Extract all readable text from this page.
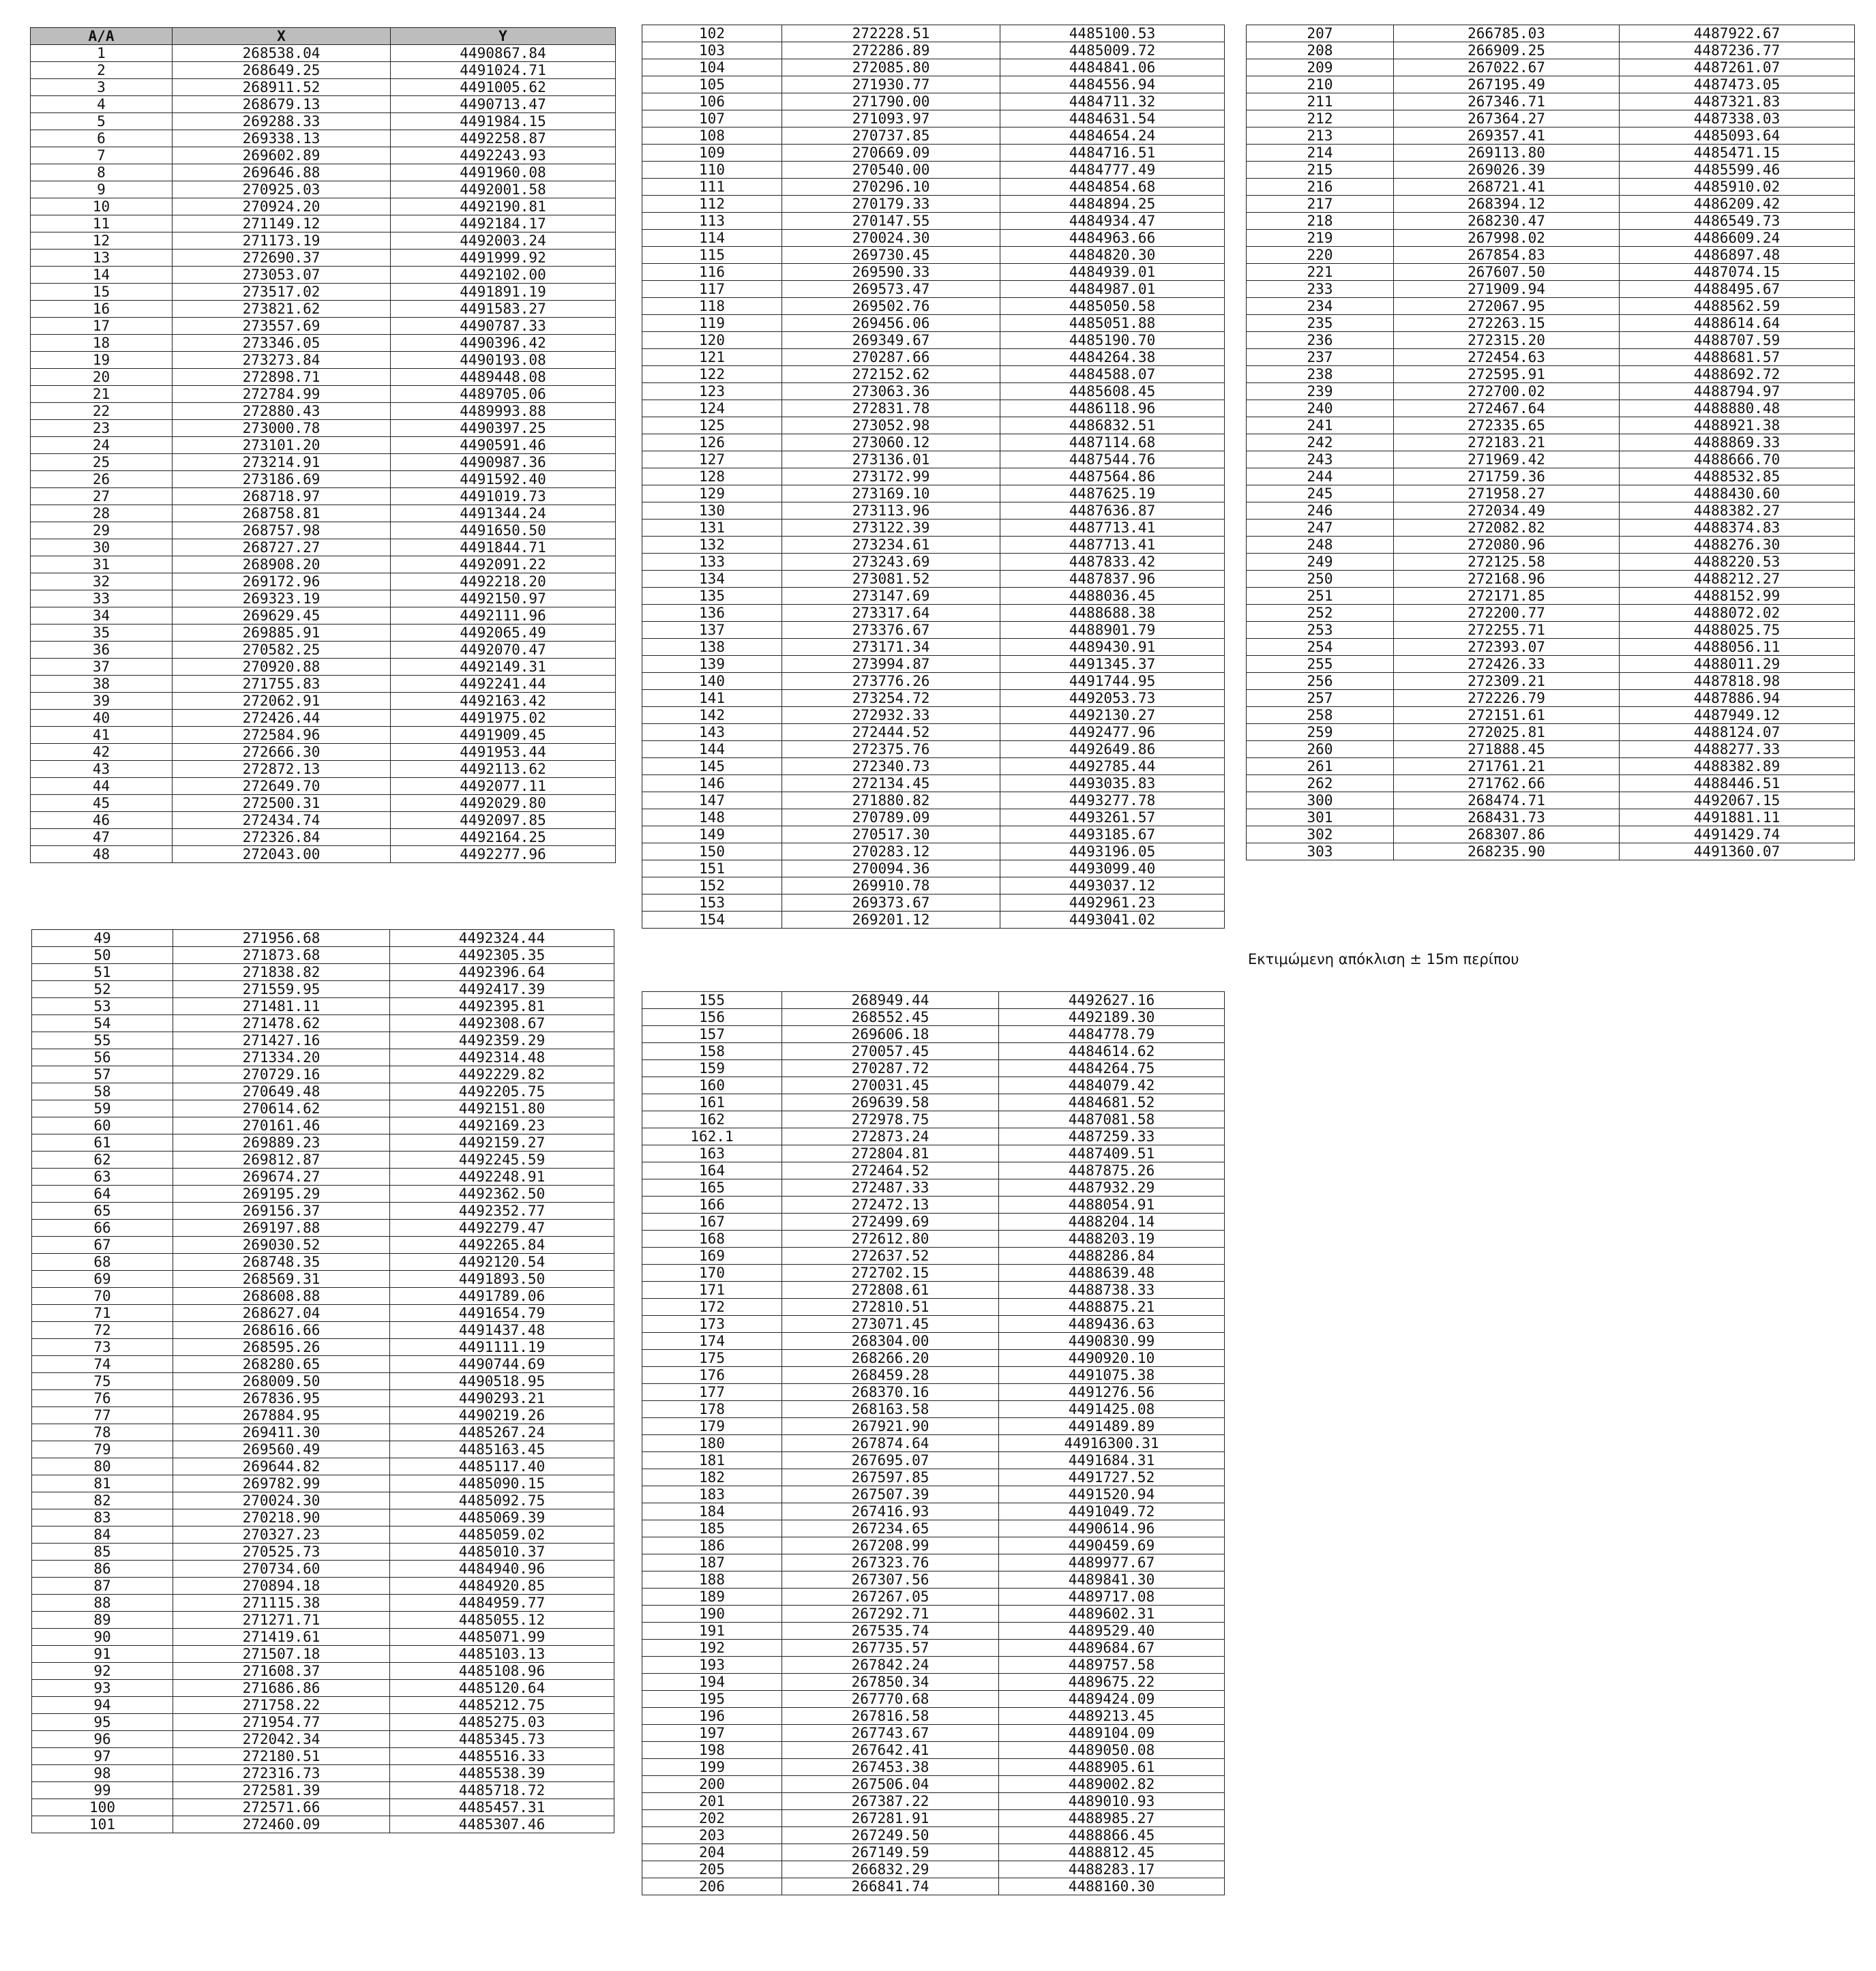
A/A	X	Y
1	268538.04	4490867.84
2	268649.25	4491024.71
3	268911.52	4491005.62
4	268679.13	4490713.47
5	269288.33	4491984.15
6	269338.13	4492258.87
7	269602.89	4492243.93
8	269646.88	4491960.08
9	270925.03	4492001.58
10	270924.20	4492190.81
11	271149.12	4492184.17
12	271173.19	4492003.24
13	272690.37	4491999.92
14	273053.07	4492102.00
15	273517.02	4491891.19
16	273821.62	4491583.27
17	273557.69	4490787.33
18	273346.05	4490396.42
19	273273.84	4490193.08
20	272898.71	4489448.08
21	272784.99	4489705.06
22	272880.43	4489993.88
23	273000.78	4490397.25
24	273101.20	4490591.46
25	273214.91	4490987.36
26	273186.69	4491592.40
27	268718.97	4491019.73
28	268758.81	4491344.24
29	268757.98	4491650.50
30	268727.27	4491844.71
31	268908.20	4492091.22
32	269172.96	4492218.20
33	269323.19	4492150.97
34	269629.45	4492111.96
35	269885.91	4492065.49
36	270582.25	4492070.47
37	270920.88	4492149.31
38	271755.83	4492241.44
39	272062.91	4492163.42
40	272426.44	4491975.02
41	272584.96	4491909.45
42	272666.30	4491953.44
43	272872.13	4492113.62
44	272649.70	4492077.11
45	272500.31	4492029.80
46	272434.74	4492097.85
47	272326.84	4492164.25
48	272043.00	4492277.96
49	271956.68	4492324.44
50	271873.68	4492305.35
51	271838.82	4492396.64
52	271559.95	4492417.39
53	271481.11	4492395.81
54	271478.62	4492308.67
55	271427.16	4492359.29
56	271334.20	4492314.48
57	270729.16	4492229.82
58	270649.48	4492205.75
59	270614.62	4492151.80
60	270161.46	4492169.23
61	269889.23	4492159.27
62	269812.87	4492245.59
63	269674.27	4492248.91
64	269195.29	4492362.50
65	269156.37	4492352.77
66	269197.88	4492279.47
67	269030.52	4492265.84
68	268748.35	4492120.54
69	268569.31	4491893.50
70	268608.88	4491789.06
71	268627.04	4491654.79
72	268616.66	4491437.48
73	268595.26	4491111.19
74	268280.65	4490744.69
75	268009.50	4490518.95
76	267836.95	4490293.21
77	267884.95	4490219.26
78	269411.30	4485267.24
79	269560.49	4485163.45
80	269644.82	4485117.40
81	269782.99	4485090.15
82	270024.30	4485092.75
83	270218.90	4485069.39
84	270327.23	4485059.02
85	270525.73	4485010.37
86	270734.60	4484940.96
87	270894.18	4484920.85
88	271115.38	4484959.77
89	271271.71	4485055.12
90	271419.61	4485071.99
91	271507.18	4485103.13
92	271608.37	4485108.96
93	271686.86	4485120.64
94	271758.22	4485212.75
95	271954.77	4485275.03
96	272042.34	4485345.73
97	272180.51	4485516.33
98	272316.73	4485538.39
99	272581.39	4485718.72
100	272571.66	4485457.31
101	272460.09	4485307.46
102	272228.51	4485100.53
103	272286.89	4485009.72
104	272085.80	4484841.06
105	271930.77	4484556.94
106	271790.00	4484711.32
107	271093.97	4484631.54
108	270737.85	4484654.24
109	270669.09	4484716.51
110	270540.00	4484777.49
111	270296.10	4484854.68
112	270179.33	4484894.25
113	270147.55	4484934.47
114	270024.30	4484963.66
115	269730.45	4484820.30
116	269590.33	4484939.01
117	269573.47	4484987.01
118	269502.76	4485050.58
119	269456.06	4485051.88
120	269349.67	4485190.70
121	270287.66	4484264.38
122	272152.62	4484588.07
123	273063.36	4485608.45
124	272831.78	4486118.96
125	273052.98	4486832.51
126	273060.12	4487114.68
127	273136.01	4487544.76
128	273172.99	4487564.86
129	273169.10	4487625.19
130	273113.96	4487636.87
131	273122.39	4487713.41
132	273234.61	4487713.41
133	273243.69	4487833.42
134	273081.52	4487837.96
135	273147.69	4488036.45
136	273317.64	4488688.38
137	273376.67	4488901.79
138	273171.34	4489430.91
139	273994.87	4491345.37
140	273776.26	4491744.95
141	273254.72	4492053.73
142	272932.33	4492130.27
143	272444.52	4492477.96
144	272375.76	4492649.86
145	272340.73	4492785.44
146	272134.45	4493035.83
147	271880.82	4493277.78
148	270789.09	4493261.57
149	270517.30	4493185.67
150	270283.12	4493196.05
151	270094.36	4493099.40
152	269910.78	4493037.12
153	269373.67	4492961.23
154	269201.12	4493041.02
155	268949.44	4492627.16
156	268552.45	4492189.30
157	269606.18	4484778.79
158	270057.45	4484614.62
159	270287.72	4484264.75
160	270031.45	4484079.42
161	269639.58	4484681.52
162	272978.75	4487081.58
162.1	272873.24	4487259.33
163	272804.81	4487409.51
164	272464.52	4487875.26
165	272487.33	4487932.29
166	272472.13	4488054.91
167	272499.69	4488204.14
168	272612.80	4488203.19
169	272637.52	4488286.84
170	272702.15	4488639.48
171	272808.61	4488738.33
172	272810.51	4488875.21
173	273071.45	4489436.63
174	268304.00	4490830.99
175	268266.20	4490920.10
176	268459.28	4491075.38
177	268370.16	4491276.56
178	268163.58	4491425.08
179	267921.90	4491489.89
180	267874.64	44916300.31
181	267695.07	4491684.31
182	267597.85	4491727.52
183	267507.39	4491520.94
184	267416.93	4491049.72
185	267234.65	4490614.96
186	267208.99	4490459.69
187	267323.76	4489977.67
188	267307.56	4489841.30
189	267267.05	4489717.08
190	267292.71	4489602.31
191	267535.74	4489529.40
192	267735.57	4489684.67
193	267842.24	4489757.58
194	267850.34	4489675.22
195	267770.68	4489424.09
196	267816.58	4489213.45
197	267743.67	4489104.09
198	267642.41	4489050.08
199	267453.38	4488905.61
200	267506.04	4489002.82
201	267387.22	4489010.93
202	267281.91	4488985.27
203	267249.50	4488866.45
204	267149.59	4488812.45
205	266832.29	4488283.17
206	266841.74	4488160.30
207	266785.03	4487922.67
208	266909.25	4487236.77
209	267022.67	4487261.07
210	267195.49	4487473.05
211	267346.71	4487321.83
212	267364.27	4487338.03
213	269357.41	4485093.64
214	269113.80	4485471.15
215	269026.39	4485599.46
216	268721.41	4485910.02
217	268394.12	4486209.42
218	268230.47	4486549.73
219	267998.02	4486609.24
220	267854.83	4486897.48
221	267607.50	4487074.15
233	271909.94	4488495.67
234	272067.95	4488562.59
235	272263.15	4488614.64
236	272315.20	4488707.59
237	272454.63	4488681.57
238	272595.91	4488692.72
239	272700.02	4488794.97
240	272467.64	4488880.48
241	272335.65	4488921.38
242	272183.21	4488869.33
243	271969.42	4488666.70
244	271759.36	4488532.85
245	271958.27	4488430.60
246	272034.49	4488382.27
247	272082.82	4488374.83
248	272080.96	4488276.30
249	272125.58	4488220.53
250	272168.96	4488212.27
251	272171.85	4488152.99
252	272200.77	4488072.02
253	272255.71	4488025.75
254	272393.07	4488056.11
255	272426.33	4488011.29
256	272309.21	4487818.98
257	272226.79	4487886.94
258	272151.61	4487949.12
259	272025.81	4488124.07
260	271888.45	4488277.33
261	271761.21	4488382.89
262	271762.66	4488446.51
300	268474.71	4492067.15
301	268431.73	4491881.11
302	268307.86	4491429.74
303	268235.90	4491360.07
Εκτιμώμενη απόκλιση ± 15m περίπου
